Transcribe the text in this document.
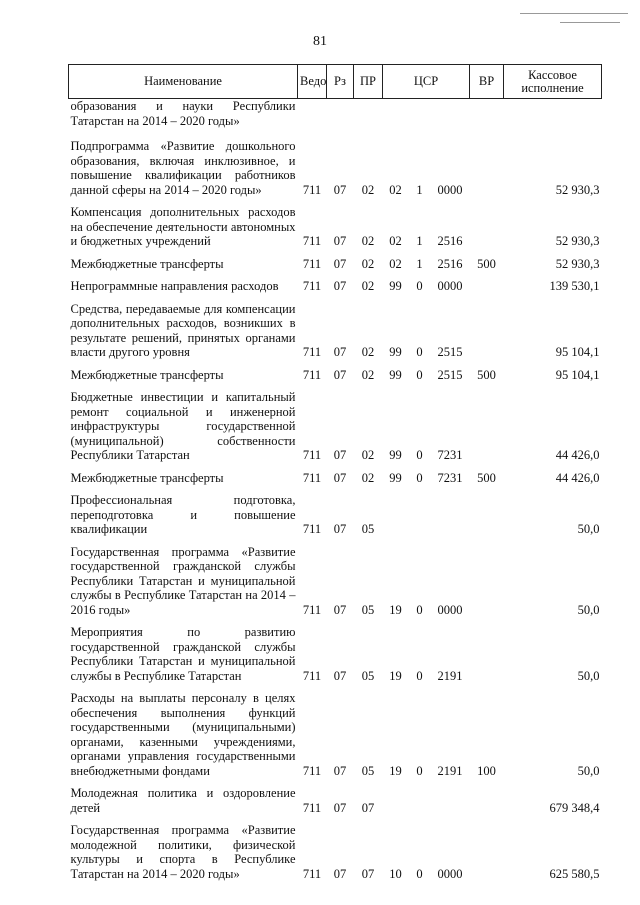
81
Наименование	Ведо	Рз	ПР	ЦСР			ВР	Кассовое исполнение
образования и науки Республики Татарстан на 2014 – 2020 годы»								
Подпрограмма «Развитие дошкольного образования, включая инклюзивное, и повышение квалификации работников данной сферы на 2014 – 2020 годы»	711	07	02	02	1	0000		52 930,3
Компенсация дополнительных расходов на обеспечение деятельности автономных и бюджетных учреждений	711	07	02	02	1	2516		52 930,3
Межбюджетные трансферты	711	07	02	02	1	2516	500	52 930,3
Непрограммные направления расходов	711	07	02	99	0	0000		139 530,1
Средства, передаваемые для компенсации дополнительных расходов, возникших в результате решений, принятых органами власти другого уровня	711	07	02	99	0	2515		95 104,1
Межбюджетные трансферты	711	07	02	99	0	2515	500	95 104,1
Бюджетные инвестиции и капитальный ремонт социальной и инженерной инфраструктуры государственной (муниципальной) собственности Республики Татарстан	711	07	02	99	0	7231		44 426,0
Межбюджетные трансферты	711	07	02	99	0	7231	500	44 426,0
Профессиональная подготовка, переподготовка и повышение квалификации	711	07	05					50,0
Государственная программа «Развитие государственной гражданской службы Республики Татарстан и муниципальной службы в Республике Татарстан на 2014 – 2016 годы»	711	07	05	19	0	0000		50,0
Мероприятия по развитию государственной гражданской службы Республики Татарстан и муниципальной службы в Республике Татарстан	711	07	05	19	0	2191		50,0
Расходы на выплаты персоналу в целях обеспечения выполнения функций государственными (муниципальными) органами, казенными учреждениями, органами управления государственными внебюджетными фондами	711	07	05	19	0	2191	100	50,0
Молодежная политика и оздоровление детей	711	07	07					679 348,4
Государственная программа «Развитие молодежной политики, физической культуры и спорта в Республике Татарстан на 2014 – 2020 годы»	711	07	07	10	0	0000		625 580,5
